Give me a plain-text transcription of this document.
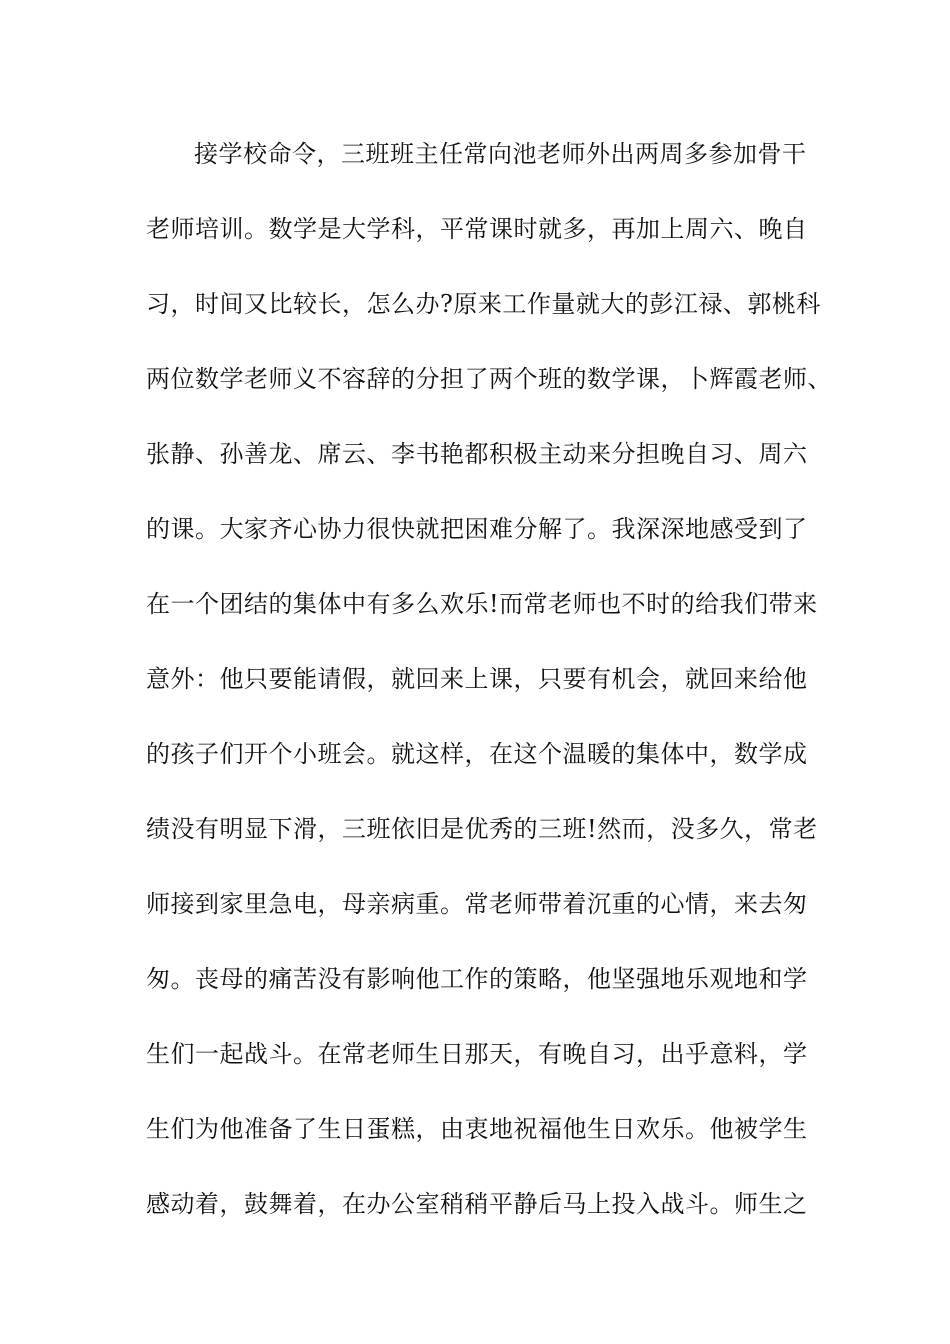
接学校命令，三班班主任常向池老师外出两周多参加骨干
老师培训。数学是大学科，平常课时就多，再加上周六、晚自
习，时间又比较长，怎么办?原来工作量就大的彭江禄、郭桃科
两位数学老师义不容辞的分担了两个班的数学课，卜辉霞老师、
张静、孙善龙、席云、李书艳都积极主动来分担晚自习、周六
的课。大家齐心协力很快就把困难分解了。我深深地感受到了
在一个团结的集体中有多么欢乐!而常老师也不时的给我们带来
意外：他只要能请假，就回来上课，只要有机会，就回来给他
的孩子们开个小班会。就这样，在这个温暖的集体中，数学成
绩没有明显下滑，三班依旧是优秀的三班!然而，没多久，常老
师接到家里急电，母亲病重。常老师带着沉重的心情，来去匆
匆。丧母的痛苦没有影响他工作的策略，他坚强地乐观地和学
生们一起战斗。在常老师生日那天，有晚自习，出乎意料，学
生们为他准备了生日蛋糕，由衷地祝福他生日欢乐。他被学生
感动着，鼓舞着，在办公室稍稍平静后马上投入战斗。师生之
